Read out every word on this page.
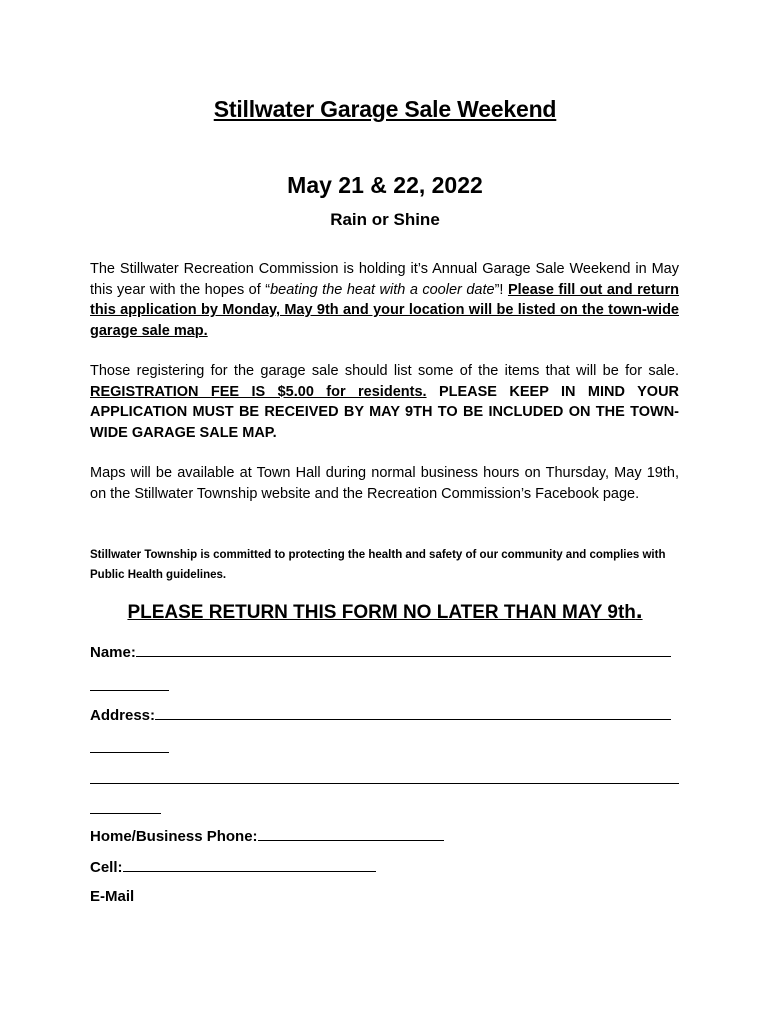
Stillwater Garage Sale Weekend
May 21 & 22, 2022
Rain or Shine
The Stillwater Recreation Commission is holding it’s Annual Garage Sale Weekend in May this year with the hopes of “beating the heat with a cooler date”! Please fill out and return this application by Monday, May 9th and your location will be listed on the town-wide garage sale map.
Those registering for the garage sale should list some of the items that will be for sale. REGISTRATION FEE IS $5.00 for residents. PLEASE KEEP IN MIND YOUR APPLICATION MUST BE RECEIVED BY MAY 9TH TO BE INCLUDED ON THE TOWN-WIDE GARAGE SALE MAP.
Maps will be available at Town Hall during normal business hours on Thursday, May 19th, on the Stillwater Township website and the Recreation Commission’s Facebook page.
Stillwater Township is committed to protecting the health and safety of our community and complies with Public Health guidelines.
PLEASE RETURN THIS FORM NO LATER THAN MAY 9th.
Name:
Address:
Home/Business Phone:
Cell:
E-Mail
